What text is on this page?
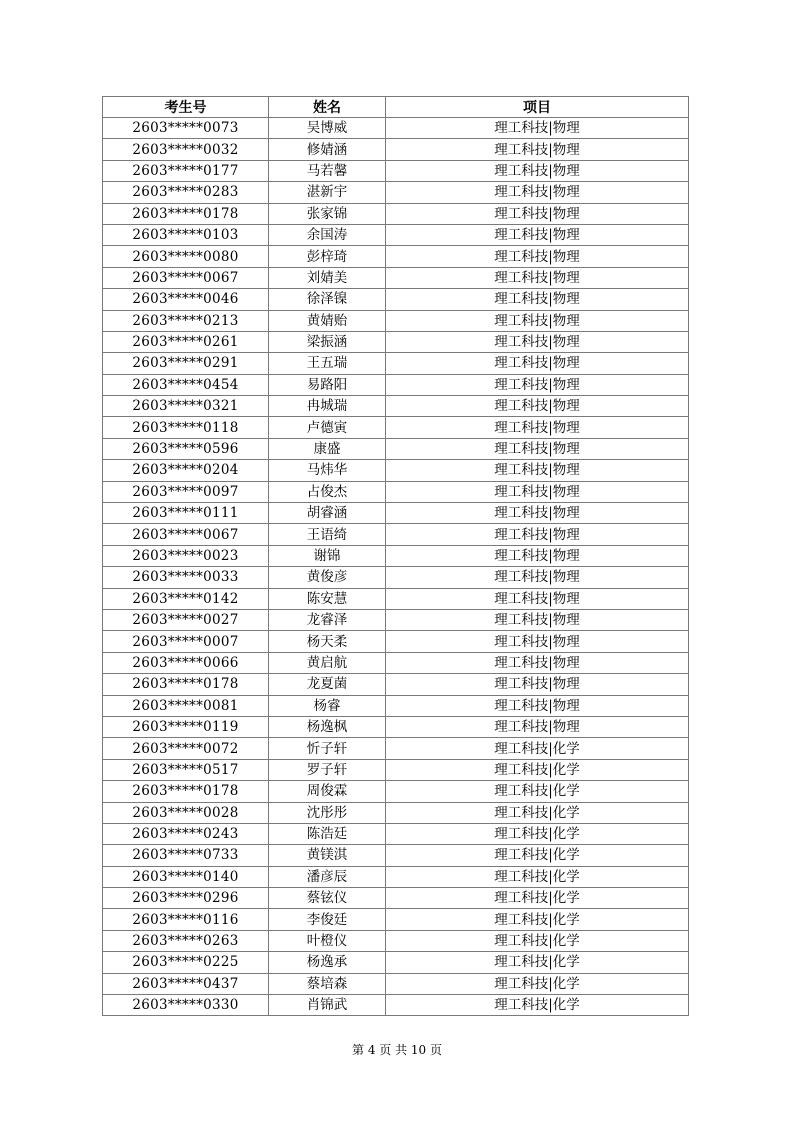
考生号	姓名	项目
2603*****0073	吴博威	理工科技|物理
2603*****0032	修婧涵	理工科技|物理
2603*****0177	马若馨	理工科技|物理
2603*****0283	湛新宇	理工科技|物理
2603*****0178	张家锦	理工科技|物理
2603*****0103	余国涛	理工科技|物理
2603*****0080	彭梓琦	理工科技|物理
2603*****0067	刘婧美	理工科技|物理
2603*****0046	徐泽镍	理工科技|物理
2603*****0213	黄婧贻	理工科技|物理
2603*****0261	梁振涵	理工科技|物理
2603*****0291	王五瑞	理工科技|物理
2603*****0454	易路阳	理工科技|物理
2603*****0321	冉城瑞	理工科技|物理
2603*****0118	卢德寅	理工科技|物理
2603*****0596	康盛	理工科技|物理
2603*****0204	马炜华	理工科技|物理
2603*****0097	占俊杰	理工科技|物理
2603*****0111	胡睿涵	理工科技|物理
2603*****0067	王语绮	理工科技|物理
2603*****0023	谢锦	理工科技|物理
2603*****0033	黄俊彦	理工科技|物理
2603*****0142	陈安慧	理工科技|物理
2603*****0027	龙睿泽	理工科技|物理
2603*****0007	杨天柔	理工科技|物理
2603*****0066	黄启航	理工科技|物理
2603*****0178	龙夏菌	理工科技|物理
2603*****0081	杨睿	理工科技|物理
2603*****0119	杨逸枫	理工科技|物理
2603*****0072	忻子轩	理工科技|化学
2603*****0517	罗子轩	理工科技|化学
2603*****0178	周俊霖	理工科技|化学
2603*****0028	沈彤彤	理工科技|化学
2603*****0243	陈浩廷	理工科技|化学
2603*****0733	黄镁淇	理工科技|化学
2603*****0140	潘彦辰	理工科技|化学
2603*****0296	蔡铉仪	理工科技|化学
2603*****0116	李俊廷	理工科技|化学
2603*****0263	叶橙仪	理工科技|化学
2603*****0225	杨逸承	理工科技|化学
2603*****0437	蔡培森	理工科技|化学
2603*****0330	肖锦武	理工科技|化学
第 4 页 共 10 页
